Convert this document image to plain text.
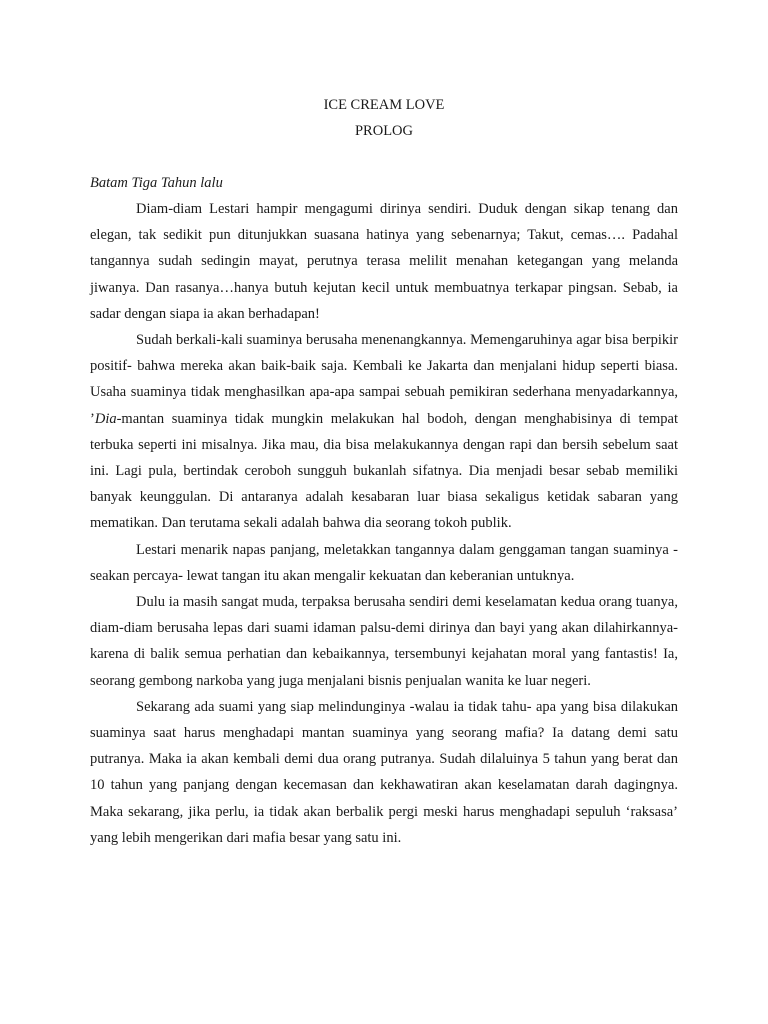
ICE CREAM LOVE

PROLOG

Batam Tiga Tahun lalu

Diam-diam Lestari hampir mengagumi dirinya sendiri. Duduk dengan sikap tenang dan elegan, tak sedikit pun ditunjukkan suasana hatinya yang sebenarnya; Takut, cemas…. Padahal tangannya sudah sedingin mayat, perutnya terasa melilit menahan ketegangan yang melanda jiwanya. Dan rasanya…hanya butuh kejutan kecil untuk membuatnya terkapar pingsan. Sebab, ia sadar dengan siapa ia akan berhadapan!

Sudah berkali-kali suaminya berusaha menenangkannya. Memengaruhinya agar bisa berpikir positif- bahwa mereka akan baik-baik saja. Kembali ke Jakarta dan menjalani hidup seperti biasa. Usaha suaminya tidak menghasilkan apa-apa sampai sebuah pemikiran sederhana menyadarkannya, ’Dia-mantan suaminya tidak mungkin melakukan hal bodoh, dengan menghabisinya di tempat terbuka seperti ini misalnya. Jika mau, dia bisa melakukannya dengan rapi dan bersih sebelum saat ini. Lagi pula, bertindak ceroboh sungguh bukanlah sifatnya. Dia menjadi besar sebab memiliki banyak keunggulan. Di antaranya adalah kesabaran luar biasa sekaligus ketidak sabaran yang mematikan. Dan terutama sekali adalah bahwa dia seorang tokoh publik.

Lestari menarik napas panjang, meletakkan tangannya dalam genggaman tangan suaminya -seakan percaya- lewat tangan itu akan mengalir kekuatan dan keberanian untuknya.

Dulu ia masih sangat muda, terpaksa berusaha sendiri demi keselamatan kedua orang tuanya, diam-diam berusaha lepas dari suami idaman palsu-demi dirinya dan bayi yang akan dilahirkannya- karena di balik semua perhatian dan kebaikannya, tersembunyi kejahatan moral yang fantastis! Ia, seorang gembong narkoba yang juga menjalani bisnis penjualan wanita ke luar negeri.

Sekarang ada suami yang siap melindunginya -walau ia tidak tahu- apa yang bisa dilakukan suaminya saat harus menghadapi mantan suaminya yang seorang mafia? Ia datang demi satu putranya. Maka ia akan kembali demi dua orang putranya. Sudah dilaluinya 5 tahun yang berat dan 10 tahun yang panjang dengan kecemasan dan kekhawatiran akan keselamatan darah dagingnya. Maka sekarang, jika perlu, ia tidak akan berbalik pergi meski harus menghadapi sepuluh ‘raksasa’ yang lebih mengerikan dari mafia besar yang satu ini.
